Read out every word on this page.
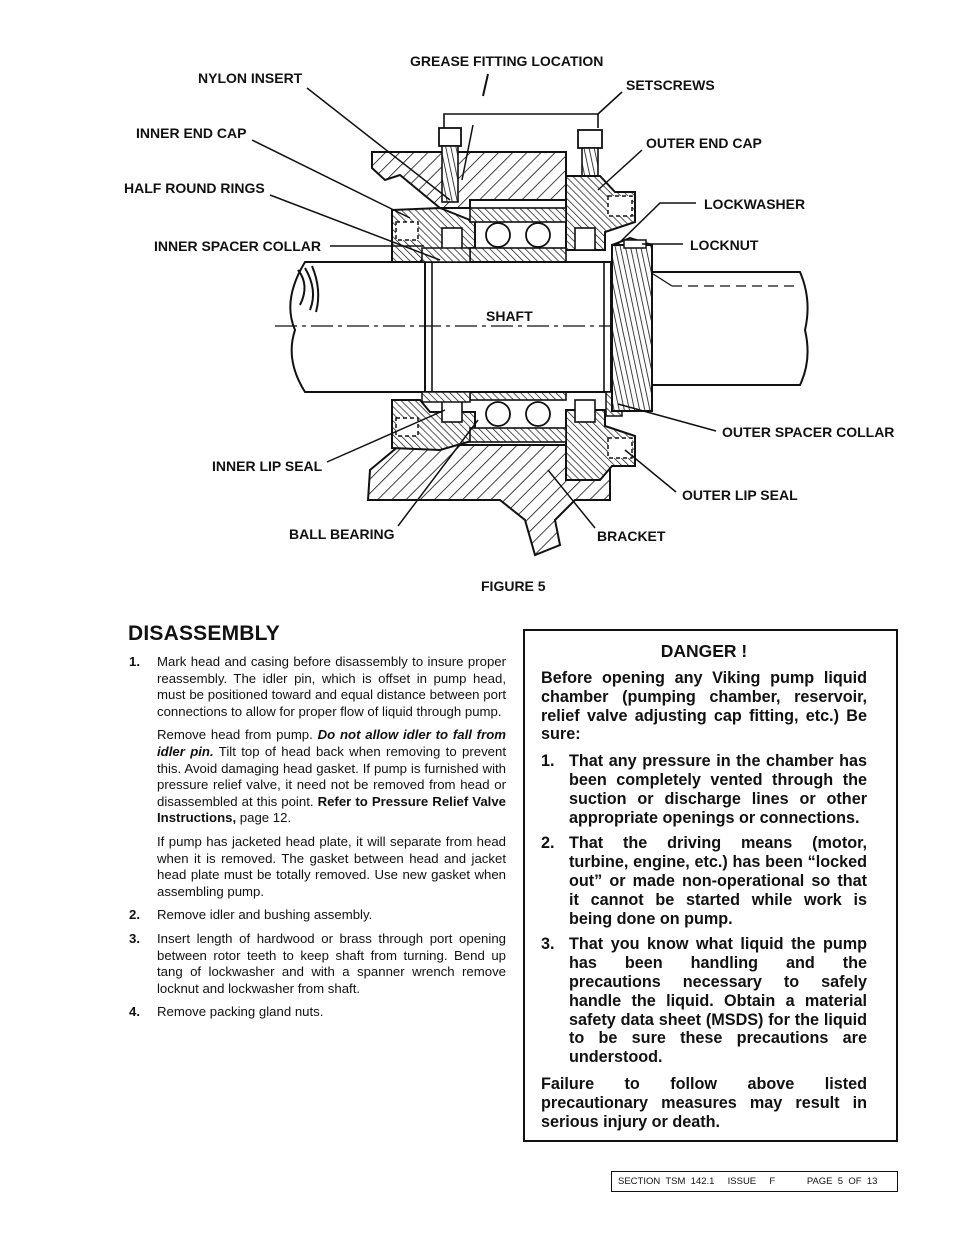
GREASE FITTING LOCATION
NYLON INSERT	SETSCREWS
INNER END CAP
OUTER END CAP
HALF ROUND RINGS
LOCKWASHER
INNER SPACER COLLAR	LOCKNUT
SHAFT
OUTER SPACER COLLAR
INNER LIP SEAL
OUTER LIP SEAL
BALL BEARING	BRACKET
FIGURE 5
DISASSEMBLY
1. Mark head and casing before disassembly to insure proper reassembly. The idler pin, which is offset in pump head, must be positioned toward and equal distance between port connections to allow for proper flow of liquid through pump.

Remove head from pump. Do not allow idler to fall from idler pin. Tilt top of head back when removing to prevent this. Avoid damaging head gasket. If pump is furnished with pressure relief valve, it need not be removed from head or disassembled at this point. Refer to Pressure Relief Valve Instructions, page 12.

If pump has jacketed head plate, it will separate from head when it is removed. The gasket between head and jacket head plate must be totally removed. Use new gasket when assembling pump.

2. Remove idler and bushing assembly.
3. Insert length of hardwood or brass through port opening between rotor teeth to keep shaft from turning. Bend up tang of lockwasher and with a spanner wrench remove locknut and lockwasher from shaft.
4. Remove packing gland nuts.
DANGER !

Before opening any Viking pump liquid chamber (pumping chamber, reservoir, relief valve adjusting cap fitting, etc.) Be sure:

1. That any pressure in the chamber has been completely vented through the suction or discharge lines or other appropriate openings or connections.
2. That the driving means (motor, turbine, engine, etc.) has been “locked out” or made non-operational so that it cannot be started while work is being done on pump.
3. That you know what liquid the pump has been handling and the precautions necessary to safely handle the liquid. Obtain a material safety data sheet (MSDS) for the liquid to be sure these precautions are understood.

Failure to follow above listed precautionary measures may result in serious injury or death.

SECTION  TSM  142.1     ISSUE     F            PAGE  5  OF  13
